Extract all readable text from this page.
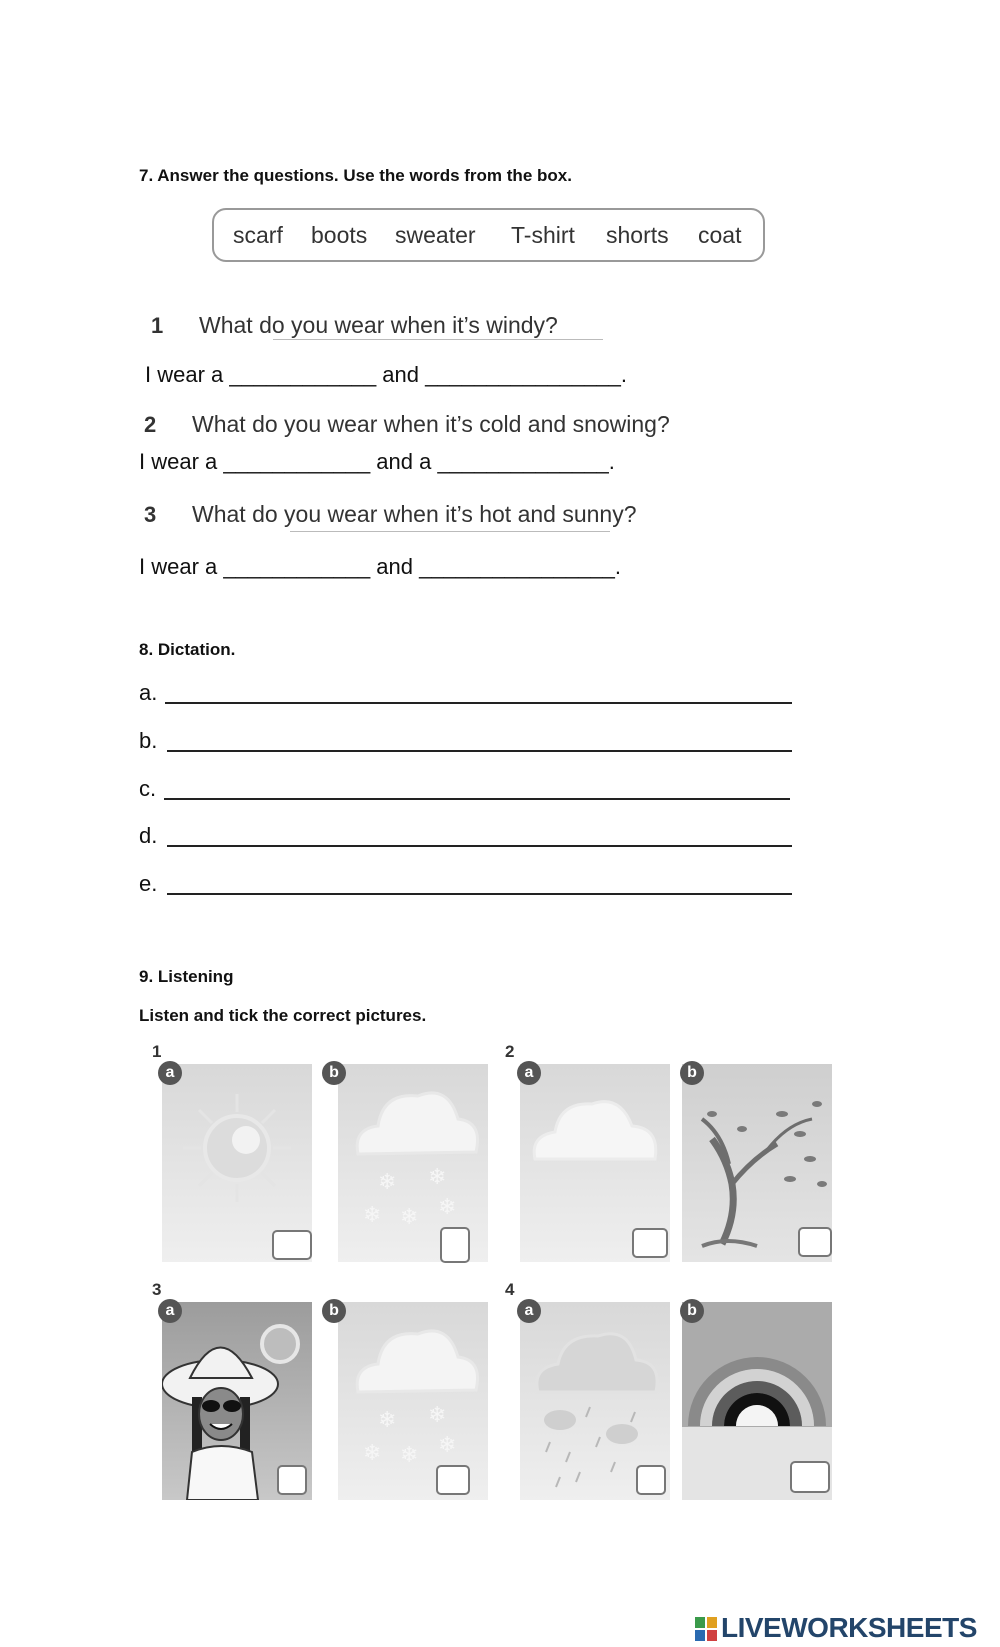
7. Answer the questions. Use the words from the box.
scarf boots sweater T-shirt shorts coat
1 What do you wear when it’s windy?
I wear a ____________ and ________________.
2 What do you wear when it’s cold and snowing?
I wear a ____________ and a ______________.
3 What do you wear when it’s hot and sunny?
I wear a ____________ and ________________.
8. Dictation.
a.
b.
c.
d.
e.
9. Listening
Listen and tick the correct pictures.
1
a
❄ ❄
❄ ❄ ❄
b
2
a	b
3
a
❄ ❄
❄ ❄ ❄
b
4
a	b
LIVEWORKSHEETS
